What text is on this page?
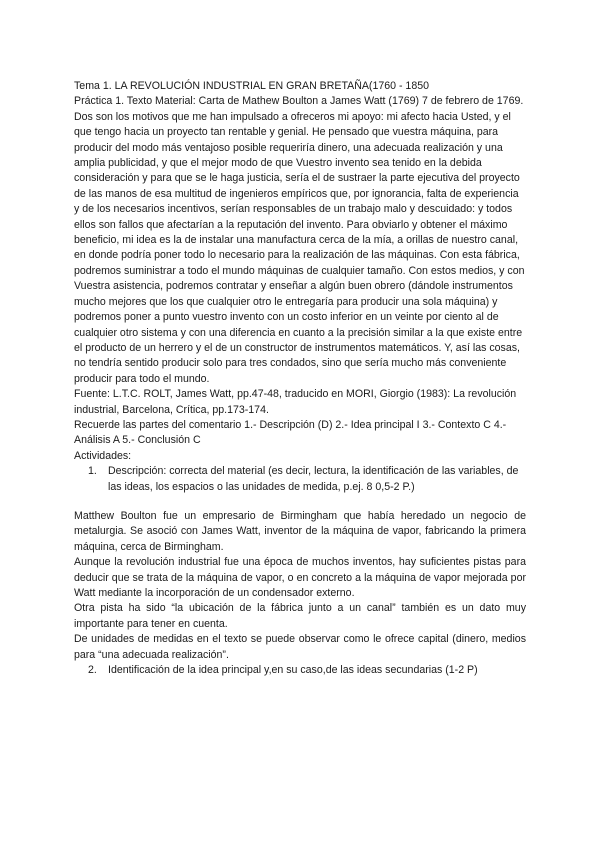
Tema 1. LA REVOLUCIÓN INDUSTRIAL EN GRAN BRETAÑA(1760 - 1850

Práctica 1. Texto Material: Carta de Mathew Boulton a James Watt (1769) 7 de febrero de 1769.

Dos son los motivos que me han impulsado a ofreceros mi apoyo: mi afecto hacia Usted, y el que tengo hacia un proyecto tan rentable y genial. He pensado que vuestra máquina, para producir del modo más ventajoso posible requeriría dinero, una adecuada realización y una amplia publicidad, y que el mejor modo de que Vuestro invento sea tenido en la debida consideración y para que se le haga justicia, sería el de sustraer la parte ejecutiva del proyecto de las manos de esa multitud de ingenieros empíricos que, por ignorancia, falta de experiencia y de los necesarios incentivos, serían responsables de un trabajo malo y descuidado: y todos ellos son fallos que afectarían a la reputación del invento. Para obviarlo y obtener el máximo beneficio, mi idea es la de instalar una manufactura cerca de la mía, a orillas de nuestro canal, en donde podría poner todo lo necesario para la realización de las máquinas. Con esta fábrica, podremos suministrar a todo el mundo máquinas de cualquier tamaño. Con estos medios, y con Vuestra asistencia, podremos contratar y enseñar a algún buen obrero (dándole instrumentos mucho mejores que los que cualquier otro le entregaría para producir una sola máquina) y podremos poner a punto vuestro invento con un costo inferior en un veinte por ciento al de cualquier otro sistema y con una diferencia en cuanto a la precisión similar a la que existe entre el producto de un herrero y el de un constructor de instrumentos matemáticos. Y, así las cosas, no tendría sentido producir solo para tres condados, sino que sería mucho más conveniente producir para todo el mundo.

Fuente: L.T.C. ROLT, James Watt, pp.47-48, traducido en MORI, Giorgio (1983): La revolución industrial, Barcelona, Crítica, pp.173-174.

Recuerde las partes del comentario 1.- Descripción (D) 2.- Idea principal I 3.- Contexto C 4.- Análisis A 5.- Conclusión C

Actividades:

1.	Descripción: correcta del material (es decir, lectura, la identificación de las variables, de las ideas, los espacios o las unidades de medida, p.ej. 8 0,5-2 P.)

Matthew Boulton fue un empresario de Birmingham que había heredado un negocio de metalurgia. Se asoció con James Watt, inventor de la máquina de vapor, fabricando la primera máquina, cerca de Birmingham.

Aunque la revolución industrial fue una época de muchos inventos, hay suficientes pistas para deducir que se trata de la máquina de vapor, o en concreto a la máquina de vapor mejorada por Watt mediante la incorporación de un condensador externo.

Otra pista ha sido “la ubicación de la fábrica junto a un canal” también es un dato muy importante para tener en cuenta.

De unidades de medidas en el texto se puede observar como le ofrece capital (dinero, medios para “una adecuada realización”.

2.	Identificación de la idea principal y,en su caso,de las ideas secundarias (1-2 P)
